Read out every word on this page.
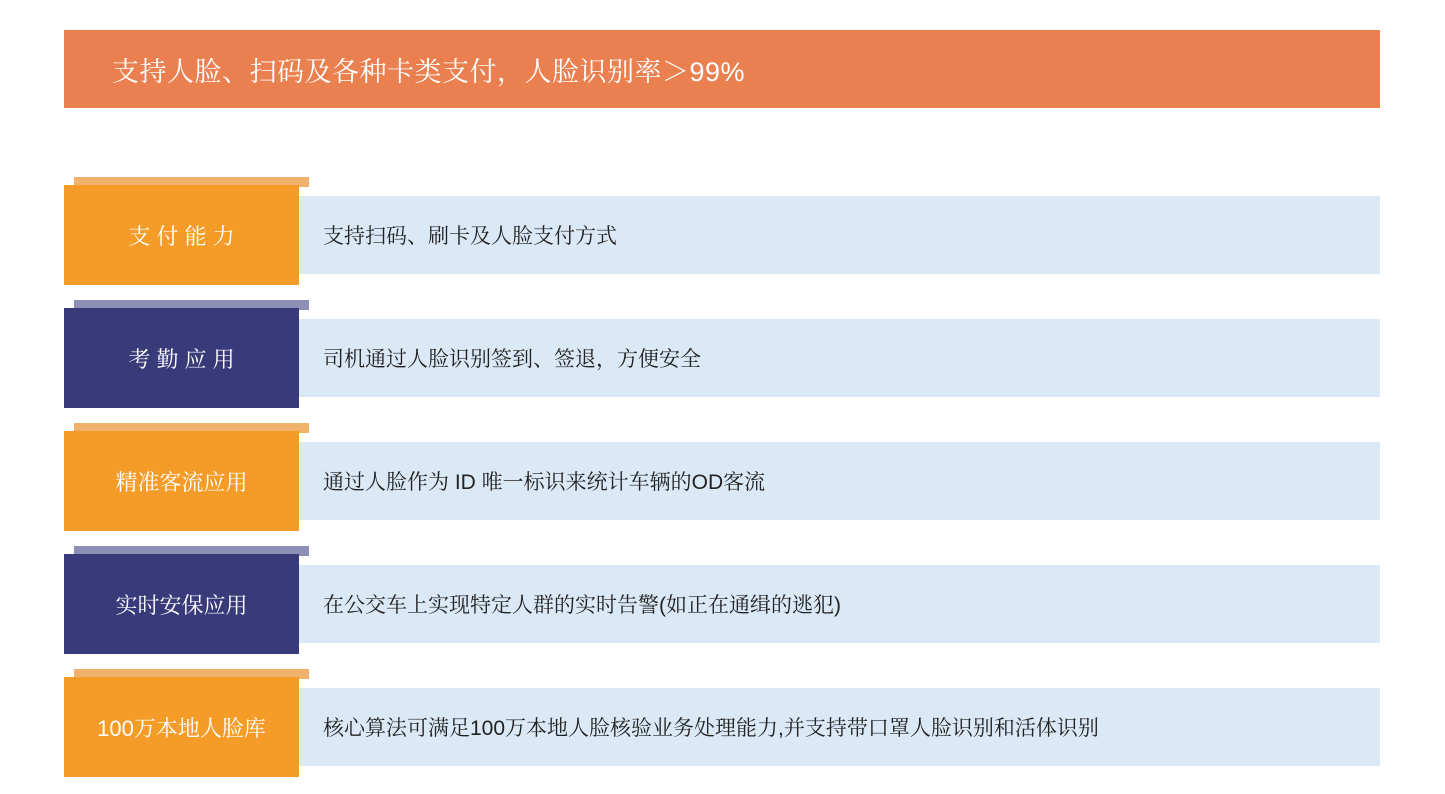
支持人脸、扫码及各种卡类支付，人脸识别率＞99%
支 付 能 力	支持扫码、刷卡及人脸支付方式
考 勤 应 用	司机通过人脸识别签到、签退，方便安全
精准客流应用	通过人脸作为 ID 唯一标识来统计车辆的OD客流
实时安保应用	在公交车上实现特定人群的实时告警(如正在通缉的逃犯)
100万本地人脸库	核心算法可满足100万本地人脸核验业务处理能力,并支持带口罩人脸识别和活体识别
